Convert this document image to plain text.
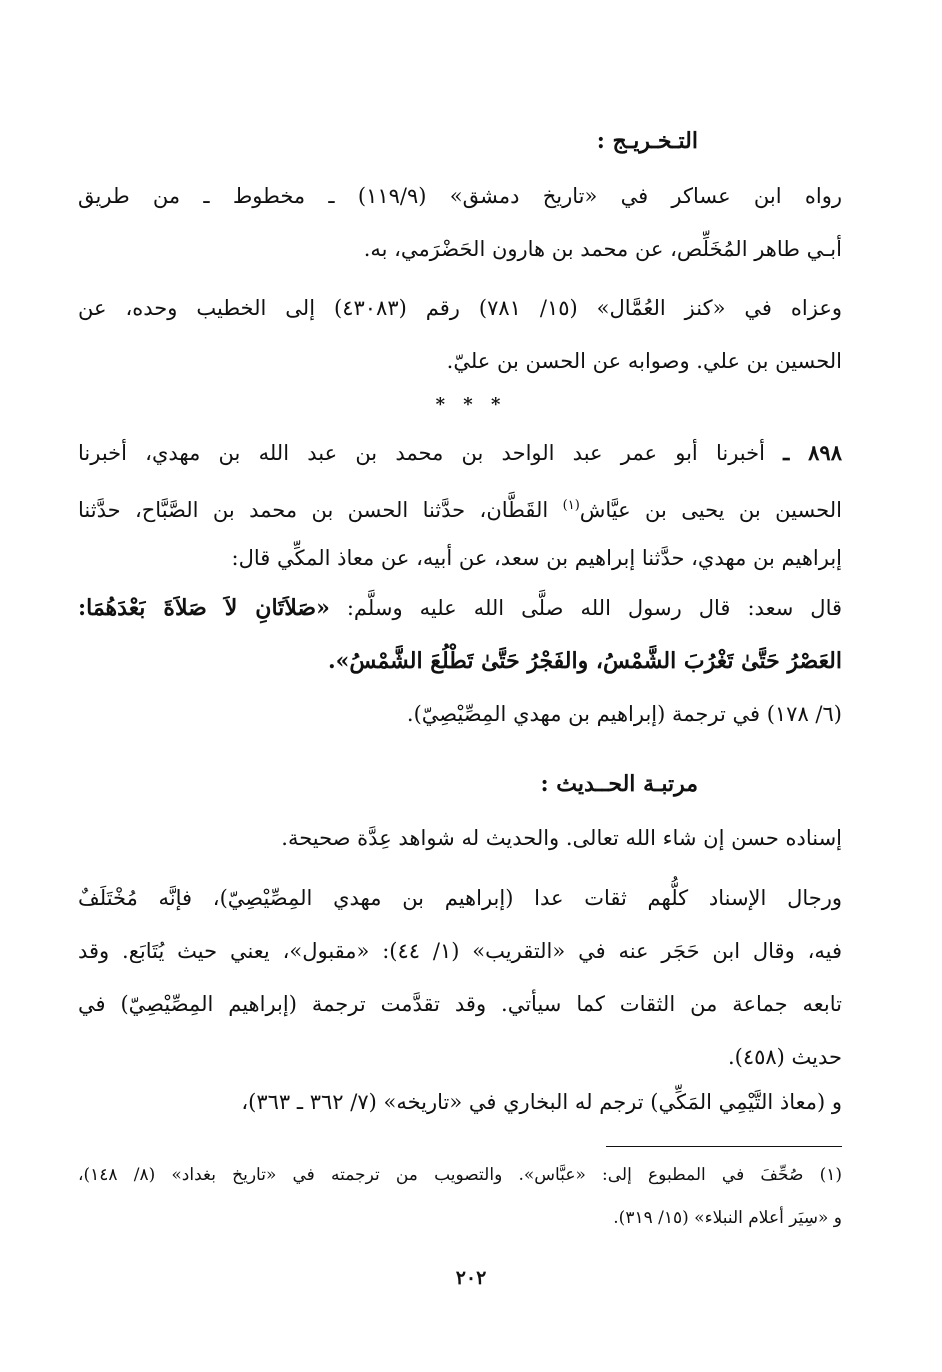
التـخـريـج :
رواه ابن عساكر في «تاريخ دمشق» (١١٩/٩) ـ مخطوط ـ من طريق
أبـي طاهر المُخَلِّص، عن محمد بن هارون الحَضْرَمي، به.
وعزاه في «كنز العُمَّال» (١٥/ ٧٨١) رقم (٤٣٠٨٣) إلى الخطيب وحده، عن
الحسين بن علي. وصوابه عن الحسن بن عليّ.
* * *
٨٩٨ ـ أخبرنا أبو عمر عبد الواحد بن محمد بن عبد الله بن مهدي، أخبرنا
الحسين بن يحيى بن عيَّاش$^{(١)}$ القَطَّان، حدَّثنا الحسن بن محمد بن الصَّبَّاح، حدَّثنا
إبراهيم بن مهدي، حدَّثنا إبراهيم بن سعد، عن أبيه، عن معاذ المكِّي قال:
قال سعد: قال رسول الله صلَّى الله عليه وسلَّم: «صَلاَتَانِ لاَ صَلاَةَ بَعْدَهُمَا:
العَصْرُ حَتَّىٰ تَغْرُبَ الشَّمْسُ، والفَجْرُ حَتَّىٰ تَطْلُعَ الشَّمْسُ».
(٦/ ١٧٨) في ترجمة (إبراهيم بن مهدي المِصِّيْصِيّ).
مرتبـة الحــديث :
إسناده حسن إن شاء الله تعالى. والحديث له شواهد عِدَّة صحيحة.
ورجال الإسناد كلُّهم ثقات عدا (إبراهيم بن مهدي المِصِّيْصِيّ)، فإنَّه مُخْتَلَفٌ
فيه، وقال ابن حَجَر عنه في «التقريب» (١/ ٤٤): «مقبول»، يعني حيث يُتَابَع. وقد
تابعه جماعة من الثقات كما سيأتي. وقد تقدَّمت ترجمة (إبراهيم المِصِّيْصِيّ) في
حديث (٤٥٨).
و (معاذ التَّيْمِي المَكِّي) ترجم له البخاري في «تاريخه» (٧/ ٣٦٢ ـ ٣٦٣)،
(١) صُحِّفَ في المطبوع إلى: «عبَّاس». والتصويب من ترجمته في «تاريخ بغداد» (٨/ ١٤٨)،
و «سِيَر أعلام النبلاء» (١٥/ ٣١٩).
٢٠٢
